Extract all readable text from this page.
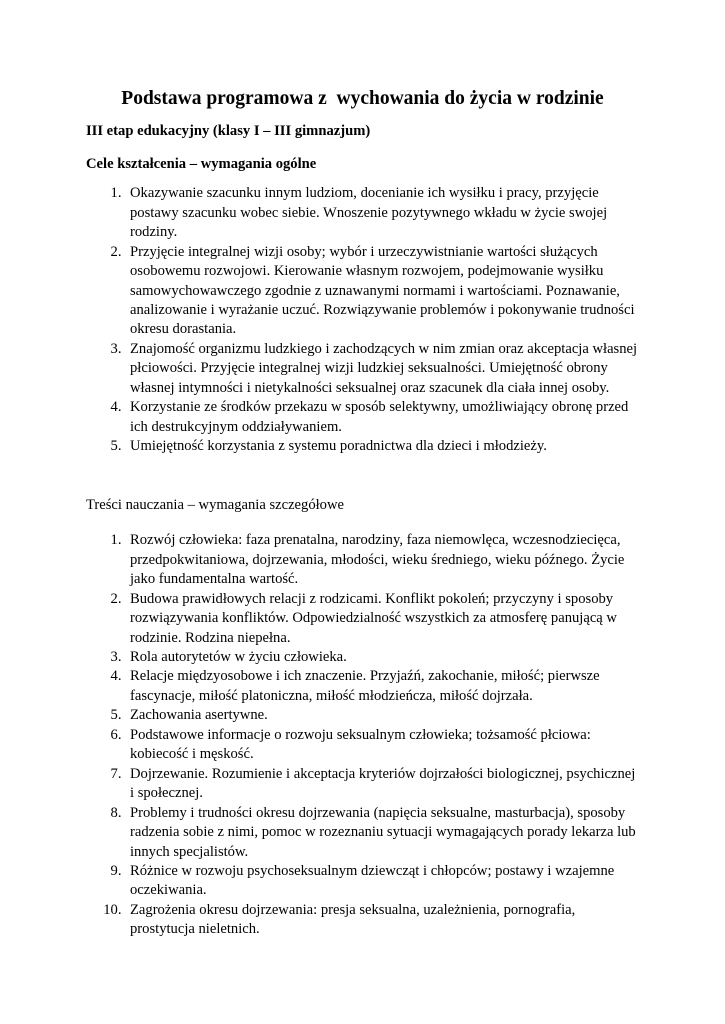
Podstawa programowa z  wychowania do życia w rodzinie
III etap edukacyjny (klasy I – III gimnazjum)
Cele kształcenia – wymagania ogólne
1. Okazywanie szacunku innym ludziom, docenianie ich wysiłku i pracy, przyjęcie postawy szacunku wobec siebie. Wnoszenie pozytywnego wkładu w życie swojej rodziny.
2. Przyjęcie integralnej wizji osoby; wybór i urzeczywistnianie wartości służących osobowemu rozwojowi. Kierowanie własnym rozwojem, podejmowanie wysiłku samowychowawczego zgodnie z uznawanymi normami i wartościami. Poznawanie, analizowanie i wyrażanie uczuć. Rozwiązywanie problemów i pokonywanie trudności okresu dorastania.
3. Znajomość organizmu ludzkiego i zachodzących w nim zmian oraz akceptacja własnej płciowości. Przyjęcie integralnej wizji ludzkiej seksualności. Umiejętność obrony własnej intymności i nietykalności seksualnej oraz szacunek dla ciała innej osoby.
4. Korzystanie ze środków przekazu w sposób selektywny, umożliwiający obronę przed ich destrukcyjnym oddziaływaniem.
5. Umiejętność korzystania z systemu poradnictwa dla dzieci i młodzieży.
Treści nauczania – wymagania szczegółowe
1. Rozwój człowieka: faza prenatalna, narodziny, faza niemowlęca, wczesnodziecięca, przedpokwitaniowa, dojrzewania, młodości, wieku średniego, wieku późnego. Życie jako fundamentalna wartość.
2. Budowa prawidłowych relacji z rodzicami. Konflikt pokoleń; przyczyny i sposoby rozwiązywania konfliktów. Odpowiedzialność wszystkich za atmosferę panującą w rodzinie. Rodzina niepełna.
3. Rola autorytetów w życiu człowieka.
4. Relacje międzyosobowe i ich znaczenie. Przyjaźń, zakochanie, miłość; pierwsze fascynacje, miłość platoniczna, miłość młodzieńcza, miłość dojrzała.
5. Zachowania asertywne.
6. Podstawowe informacje o rozwoju seksualnym człowieka; tożsamość płciowa: kobiecość i męskość.
7. Dojrzewanie. Rozumienie i akceptacja kryteriów dojrzałości biologicznej, psychicznej i społecznej.
8. Problemy i trudności okresu dojrzewania (napięcia seksualne, masturbacja), sposoby radzenia sobie z nimi, pomoc w rozeznaniu sytuacji wymagających porady lekarza lub innych specjalistów.
9. Różnice w rozwoju psychoseksualnym dziewcząt i chłopców; postawy i wzajemne oczekiwania.
10. Zagrożenia okresu dojrzewania: presja seksualna, uzależnienia, pornografia, prostytucja nieletnich.
